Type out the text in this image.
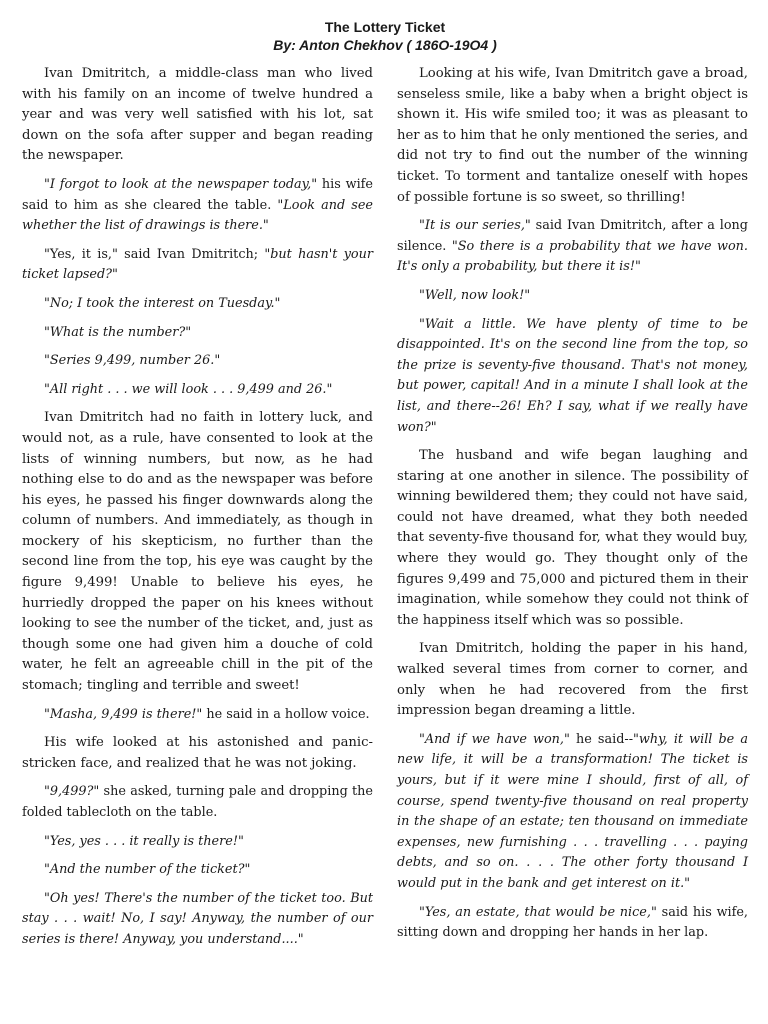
The Lottery Ticket
By: Anton Chekhov ( 186O-19O4 )

Ivan Dmitritch, a middle-class man who lived with his family on an income of twelve hundred a year and was very well satisfied with his lot, sat down on the sofa after supper and began reading the newspaper.

"I forgot to look at the newspaper today," his wife said to him as she cleared the table. "Look and see whether the list of drawings is there."

"Yes, it is," said Ivan Dmitritch; "but hasn't your ticket lapsed?"

"No; I took the interest on Tuesday."

"What is the number?"

"Series 9,499, number 26."

"All right . . . we will look . . . 9,499 and 26."

Ivan Dmitritch had no faith in lottery luck, and would not, as a rule, have consented to look at the lists of winning numbers, but now, as he had nothing else to do and as the newspaper was before his eyes, he passed his finger downwards along the column of numbers. And immediately, as though in mockery of his skepticism, no further than the second line from the top, his eye was caught by the figure 9,499! Unable to believe his eyes, he hurriedly dropped the paper on his knees without looking to see the number of the ticket, and, just as though some one had given him a douche of cold water, he felt an agreeable chill in the pit of the stomach; tingling and terrible and sweet!

"Masha, 9,499 is there!" he said in a hollow voice.

His wife looked at his astonished and panic-stricken face, and realized that he was not joking.

"9,499?" she asked, turning pale and dropping the folded tablecloth on the table.

"Yes, yes . . . it really is there!"

"And the number of the ticket?"

"Oh yes! There's the number of the ticket too. But stay . . . wait! No, I say! Anyway, the number of our series is there! Anyway, you understand...."

Looking at his wife, Ivan Dmitritch gave a broad, senseless smile, like a baby when a bright object is shown it. His wife smiled too; it was as pleasant to her as to him that he only mentioned the series, and did not try to find out the number of the winning ticket. To torment and tantalize oneself with hopes of possible fortune is so sweet, so thrilling!

"It is our series," said Ivan Dmitritch, after a long silence. "So there is a probability that we have won. It's only a probability, but there it is!"

"Well, now look!"

"Wait a little. We have plenty of time to be disappointed. It's on the second line from the top, so the prize is seventy-five thousand. That's not money, but power, capital! And in a minute I shall look at the list, and there--26! Eh? I say, what if we really have won?"

The husband and wife began laughing and staring at one another in silence. The possibility of winning bewildered them; they could not have said, could not have dreamed, what they both needed that seventy-five thousand for, what they would buy, where they would go. They thought only of the figures 9,499 and 75,000 and pictured them in their imagination, while somehow they could not think of the happiness itself which was so possible.

Ivan Dmitritch, holding the paper in his hand, walked several times from corner to corner, and only when he had recovered from the first impression began dreaming a little.

"And if we have won," he said--"why, it will be a new life, it will be a transformation! The ticket is yours, but if it were mine I should, first of all, of course, spend twenty-five thousand on real property in the shape of an estate; ten thousand on immediate expenses, new furnishing . . . travelling . . . paying debts, and so on. . . . The other forty thousand I would put in the bank and get interest on it."

"Yes, an estate, that would be nice," said his wife, sitting down and dropping her hands in her lap.
